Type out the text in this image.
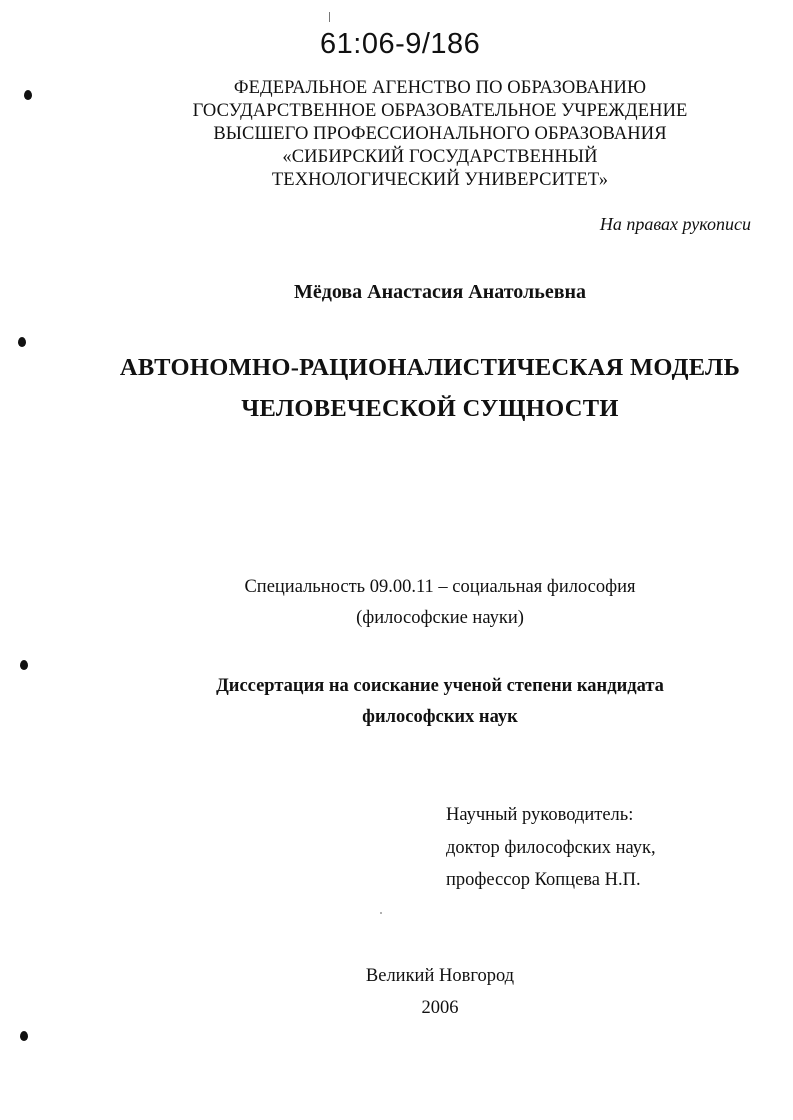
61:06-9/186
ФЕДЕРАЛЬНОЕ АГЕНСТВО ПО ОБРАЗОВАНИЮ
ГОСУДАРСТВЕННОЕ ОБРАЗОВАТЕЛЬНОЕ УЧРЕЖДЕНИЕ
ВЫСШЕГО ПРОФЕССИОНАЛЬНОГО ОБРАЗОВАНИЯ
«СИБИРСКИЙ ГОСУДАРСТВЕННЫЙ
ТЕХНОЛОГИЧЕСКИЙ УНИВЕРСИТЕТ»
На правах рукописи
Мёдова Анастасия Анатольевна
АВТОНОМНО-РАЦИОНАЛИСТИЧЕСКАЯ МОДЕЛЬ
ЧЕЛОВЕЧЕСКОЙ СУЩНОСТИ
Специальность 09.00.11 – социальная философия
(философские науки)
Диссертация на соискание ученой степени кандидата
философских наук
Научный руководитель:
доктор философских наук,
профессор Копцева Н.П.
Великий Новгород
2006
